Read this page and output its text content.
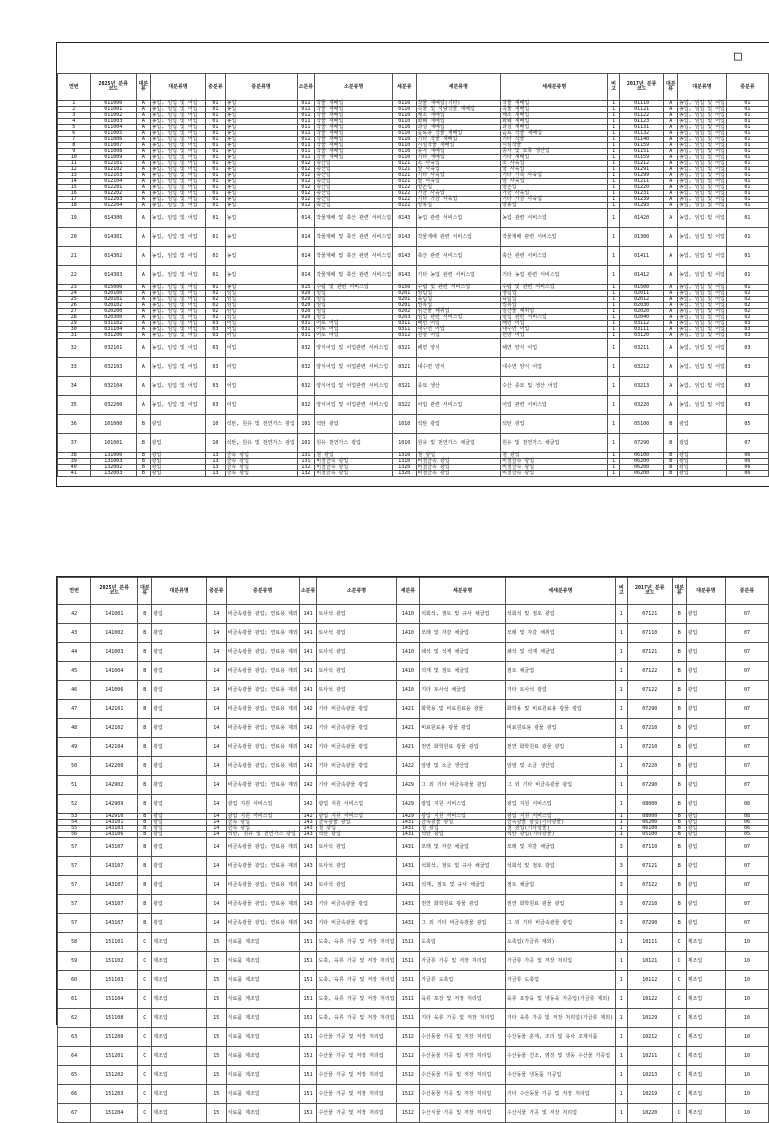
□
연번	2025년 분류
코드	대분류	대분류명	중분류	중분류명	소분류	소분류명	세분류	세분류명	세세분류명	비고	2017년 분류
코드	대분류	대분류명	중분류
1	011000	A	농업, 임업 및 어업	01	농업	011	작물 재배업	0110	작물 재배업(기타)	작물 재배업	1	01110	A	농업, 임업 및 어업	01
2	011001	A	농업, 임업 및 어업	01	농업	011	작물 재배업	0110	곡물 및 식량작물 재배업	곡물 재배업	1	01121	A	농업, 임업 및 어업	01
3	011002	A	농업, 임업 및 어업	01	농업	011	작물 재배업	0110	채소 재배업	채소 재배업	1	01122	A	농업, 임업 및 어업	01
4	011003	A	농업, 임업 및 어업	01	농업	011	작물 재배업	0110	화훼 재배업	화훼 재배업	1	01123	A	농업, 임업 및 어업	01
5	011004	A	농업, 임업 및 어업	01	농업	011	작물 재배업	0110	과실 재배업	과실 재배업	1	01131	A	농업, 임업 및 어업	01
6	011005	A	농업, 임업 및 어업	01	농업	011	작물 재배업	0110	음료용 작물 재배업	음료 작물 재배업	1	01132	A	농업, 임업 및 어업	01
7	011006	A	농업, 임업 및 어업	01	농업	011	작물 재배업	0110	기타 작물 재배업	기타 작물	1	01140	A	농업, 임업 및 어업	01
8	011007	A	농업, 임업 및 어업	01	농업	011	작물 재배업	0110	시설작물 재배업	시설작물	1	01159	A	농업, 임업 및 어업	01
9	011008	A	농업, 임업 및 어업	01	농업	011	작물 재배업	0110	종자 재배업	종자 및 묘목 생산업	1	01151	A	농업, 임업 및 어업	01
10	011009	A	농업, 임업 및 어업	01	농업	011	작물 재배업	0110	기타 재배업	기타 재배업	1	01159	A	농업, 임업 및 어업	01
11	012101	A	농업, 임업 및 어업	01	농업	012	축산업	0121	소 사육업	소 사육업	1	01212	A	농업, 임업 및 어업	01
12	012102	A	농업, 임업 및 어업	01	농업	012	축산업	0121	양 사육업	양 사육업	1	01291	A	농업, 임업 및 어업	01
13	012103	A	농업, 임업 및 어업	01	농업	012	축산업	0121	기타 사육업	기타 가축 사육업	1	01299	A	농업, 임업 및 어업	01
14	012104	A	농업, 임업 및 어업	01	농업	012	축산업	0121	말 사육업	말 사육업	1	01211	A	농업, 임업 및 어업	01
15	012201	A	농업, 임업 및 어업	01	농업	012	축산업	0122	양돈업	양돈업	1	01220	A	농업, 임업 및 어업	01
16	012202	A	농업, 임업 및 어업	01	농업	012	축산업	0122	가금 사육업	가금 사육업	1	01231	A	농업, 임업 및 어업	01
17	012203	A	농업, 임업 및 어업	01	농업	012	축산업	0122	기타 가금 사육업	기타 가금 사육업	1	01239	A	농업, 임업 및 어업	01
18	012204	A	농업, 임업 및 어업	01	농업	012	축산업	0122	양봉업	양봉업	1	01293	A	농업, 임업 및 어업	01
19	014300	A	농업, 임업 및 어업	01	농업	014	작물재배 및 축산 관련 서비스업	0143	농업 관련 서비스업	농업 관련 서비스업	1	01420	A	농업, 임업 및 어업	01
20	014301	A	농업, 임업 및 어업	01	농업	014	작물재배 및 축산 관련 서비스업	0143	작물재배 관련 서비스업	작물재배 관련 서비스업	1	01300	A	농업, 임업 및 어업	01
21	014302	A	농업, 임업 및 어업	01	농업	014	작물재배 및 축산 관련 서비스업	0143	축산 관련 서비스업	축산 관련 서비스업	1	01411	A	농업, 임업 및 어업	01
22	014303	A	농업, 임업 및 어업	01	농업	014	작물재배 및 축산 관련 서비스업	0143	기타 농업 관련 서비스업	기타 농업 관련 서비스업	1	01412	A	농업, 임업 및 어업	01
23	015000	A	농업, 임업 및 어업	01	농업	015	수렵 및 관련 서비스업	0150	수렵 및 관련 서비스업	수렵 및 관련 서비스업	1	01500	A	농업, 임업 및 어업	01
24	020100	A	농업, 임업 및 어업	02	임업	020	임업	0201	영림업	영림업	1	02011	A	농업, 임업 및 어업	02
25	020101	A	농업, 임업 및 어업	02	임업	020	임업	0201	육림업	육림업	1	02012	A	농업, 임업 및 어업	02
26	020102	A	농업, 임업 및 어업	02	임업	020	임업	0201	벌목업	벌목업	1	02030	A	농업, 임업 및 어업	02
27	020200	A	농업, 임업 및 어업	02	임업	020	임업	0202	임산물 채취업	임산물 채취업	1	02020	A	농업, 임업 및 어업	02
28	020300	A	농업, 임업 및 어업	02	임업	020	임업	0203	임업 관련 서비스업	임업 관련 서비스업	1	02040	A	농업, 임업 및 어업	02
29	031102	A	농업, 임업 및 어업	03	어업	031	어로 어업	0311	해면 어업	해면 어업	1	03112	A	농업, 임업 및 어업	03
30	031104	A	농업, 임업 및 어업	03	어업	031	어로 어업	0311	내수면 어업	내수면 어업	1	03111	A	농업, 임업 및 어업	03
31	031200	A	농업, 임업 및 어업	03	어업	031	어로 어업	0312	원양 어업	원양 어업	1	03120	A	농업, 임업 및 어업	03
32	032101	A	농업, 임업 및 어업	03	어업	032	양식어업 및 어업관련 서비스업	0321	해면 양식	해면 양식 어업	1	03211	A	농업, 임업 및 어업	03
33	032103	A	농업, 임업 및 어업	03	어업	032	양식어업 및 어업관련 서비스업	0321	내수면 양식	내수면 양식 어업	1	03212	A	농업, 임업 및 어업	03
34	032104	A	농업, 임업 및 어업	03	어업	032	양식어업 및 어업관련 서비스업	0321	종묘 생산	수산 종묘 및 생산 어업	1	03213	A	농업, 임업 및 어업	03
35	032200	A	농업, 임업 및 어업	03	어업	032	양식어업 및 어업관련 서비스업	0322	어업 관련 서비스업	어업 관련 서비스업	1	03220	A	농업, 임업 및 어업	03
36	101000	B	광업	10	석탄, 원유 및 천연가스 광업	101	석탄 광업	1010	석탄 광업	석탄 광업	1	05100	B	광업	05
37	101001	B	광업	10	석탄, 원유 및 천연가스 광업	101	원유 천연가스 광업	1010	원유 및 천연가스 채굴업	원유 및 천연가스 채굴업	1	07290	B	광업	07
38	131000	B	광업	13	금속 광업	131	철 광업	1310	철 광업	철 광업	1	06100	B	광업	06
39	131003	B	광업	13	금속 광업	131	비철금속 광업	1310	비철금속 광업	비철금속 광업	1	06200	B	광업	06
40	132002	B	광업	13	금속 광업	132	비철금속 광업	1320	비철금속 광업	비철금속 광업	1	06200	B	광업	06
41	132003	B	광업	13	금속 광업	132	비철금속 광업	1320	비철금속 광업	비철금속 광업	1	06200	B	광업	06
연번	2025년 분류
코드	대분류	대분류명	중분류	중분류명	소분류	소분류명	세분류	세분류명	세세분류명	비고	2017년 분류
코드	대분류	대분류명	중분류
42	141001	B	광업	14	비금속광물 광업; 연료용 제외	141	토사석 광업	1410	석회석, 점토 및 규사 채굴업	석회석 및 점토 광업	1	07121	B	광업	07
43	141002	B	광업	14	비금속광물 광업; 연료용 제외	141	토사석 광업	1410	모래 및 자갈 채굴업	모래 및 자갈 채취업	1	07110	B	광업	07
44	141003	B	광업	14	비금속광물 광업; 연료용 제외	141	토사석 광업	1410	쇄석 및 석재 채굴업	쇄석 및 석재 채굴업	1	07121	B	광업	07
45	141004	B	광업	14	비금속광물 광업; 연료용 제외	141	토사석 광업	1410	석재 및 점토 채굴업	점토 채굴업	1	07122	B	광업	07
46	141006	B	광업	14	비금속광물 광업; 연료용 제외	141	토사석 광업	1410	기타 토사석 채굴업	기타 토사석 광업	1	07122	B	광업	07
47	142101	B	광업	14	비금속광물 광업; 연료용 제외	142	기타 비금속광물 광업	1421	화학용 및 비료원료용 광물	화학용 및 비료원료용 광물 광업	1	07290	B	광업	07
48	142102	B	광업	14	비금속광물 광업; 연료용 제외	142	기타 비금속광물 광업	1421	비료원료용 광물 광업	비료원료용 광물 광업	1	07210	B	광업	07
49	142104	B	광업	14	비금속광물 광업; 연료용 제외	142	기타 비금속광물 광업	1421	천연 화학원료 광물 광업	천연 화학원료 광물 광업	1	07210	B	광업	07
50	142200	B	광업	14	비금속광물 광업; 연료용 제외	142	기타 비금속광물 광업	1422	암염 및 소금 생산업	암염 및 소금 생산업	1	07220	B	광업	07
51	142902	B	광업	14	비금속광물 광업; 연료용 제외	142	기타 비금속광물 광업	1429	그 외 기타 비금속광물 광업	그 외 기타 비금속광물 광업	1	07290	B	광업	07
52	142909	B	광업	14	광업 지원 서비스업	142	광업 지원 서비스업	1429	광업 지원 서비스업	광업 지원 서비스업	1	08000	B	광업	08
53	142910	B	광업	14	광업 지원 서비스업	142	광업 지원 서비스업	1429	광업 지원 서비스업	광업 지원 서비스업	1	08000	B	광업	08
54	143101	B	광업	14	금속 광업	143	금속광물 광업	1431	금속광물 광업	금속광물 광업(기타광물)	1	06200	B	광업	06
55	143103	B	광업	14	금속 광업	143	철 광업	1431	철 광업	철 광업(기타광물)	1	06100	B	광업	06
56	143106	B	광업	14	석탄, 원유 및 천연가스 광업	143	석탄 광업	1431	석탄 광업	석탄 광업(기타광물)	1	05100	B	광업	05
57	143107	B	광업	14	비금속광물 광업; 연료용 제외	143	토사석 광업	1431	모래 및 자갈 채굴업	모래 및 자갈 채굴업	3	07110	B	광업	07
57	143107	B	광업	14	비금속광물 광업; 연료용 제외	143	토사석 광업	1431	석회석, 점토 및 규사 채굴업	석회석 및 점토 광업	3	07121	B	광업	07
57	143107	B	광업	14	비금속광물 광업; 연료용 제외	143	토사석 광업	1431	석재, 점토 및 규사 채굴업	점토 채굴업	3	07122	B	광업	07
57	143107	B	광업	14	비금속광물 광업; 연료용 제외	143	기타 비금속광물 광업	1431	천연 화학원료 광물 광업	천연 화학원료 광물 광업	3	07210	B	광업	07
57	143107	B	광업	14	비금속광물 광업; 연료용 제외	143	기타 비금속광물 광업	1431	그 외 기타 비금속광물 광업	그 외 기타 비금속광물 광업	3	07290	B	광업	07
58	151101	C	제조업	15	식료품 제조업	151	도축, 육류 가공 및 저장 처리업	1511	도축업	도축업(가금류 제외)	1	10111	C	제조업	10
59	151102	C	제조업	15	식료품 제조업	151	도축, 육류 가공 및 저장 처리업	1511	가금류 가공 및 저장 처리업	가금류 가공 및 저장 처리업	1	10121	C	제조업	10
60	151103	C	제조업	15	식료품 제조업	151	도축, 육류 가공 및 저장 처리업	1511	가금류 도축업	가금류 도축업	1	10112	C	제조업	10
61	151104	C	제조업	15	식료품 제조업	151	도축, 육류 가공 및 저장 처리업	1511	육류 포장 및 저장 처리업	육류 포장육 및 냉동육 가공업(가금류 제외)	1	10122	C	제조업	10
62	151108	C	제조업	15	식료품 제조업	151	도축, 육류 가공 및 저장 처리업	1511	기타 육류 가공 및 저장 처리업	기타 육류 가공 및 저장 처리업(가금류 제외)	1	10129	C	제조업	10
63	151200	C	제조업	15	식료품 제조업	151	수산물 가공 및 저장 처리업	1512	수산동물 가공 및 저장 처리업	수산동물 훈제, 조리 및 유사 조제식품	1	10212	C	제조업	10
64	151201	C	제조업	15	식료품 제조업	151	수산물 가공 및 저장 처리업	1512	수산동물 가공 및 저장 처리업	수산동물 건조, 염장 및 냉동 수산물 가공업	1	10211	C	제조업	10
65	151202	C	제조업	15	식료품 제조업	151	수산물 가공 및 저장 처리업	1512	수산동물 가공 및 저장 처리업	수산동물 냉동품 가공업	1	10213	C	제조업	10
66	151203	C	제조업	15	식료품 제조업	151	수산물 가공 및 저장 처리업	1512	수산동물 가공 및 저장 처리업	기타 수산동물 가공 및 저장 처리업	1	10219	C	제조업	10
67	151204	C	제조업	15	식료품 제조업	151	수산물 가공 및 저장 처리업	1512	수산식물 가공 및 저장 처리업	수산식물 가공 및 저장 처리업	1	10220	C	제조업	10
